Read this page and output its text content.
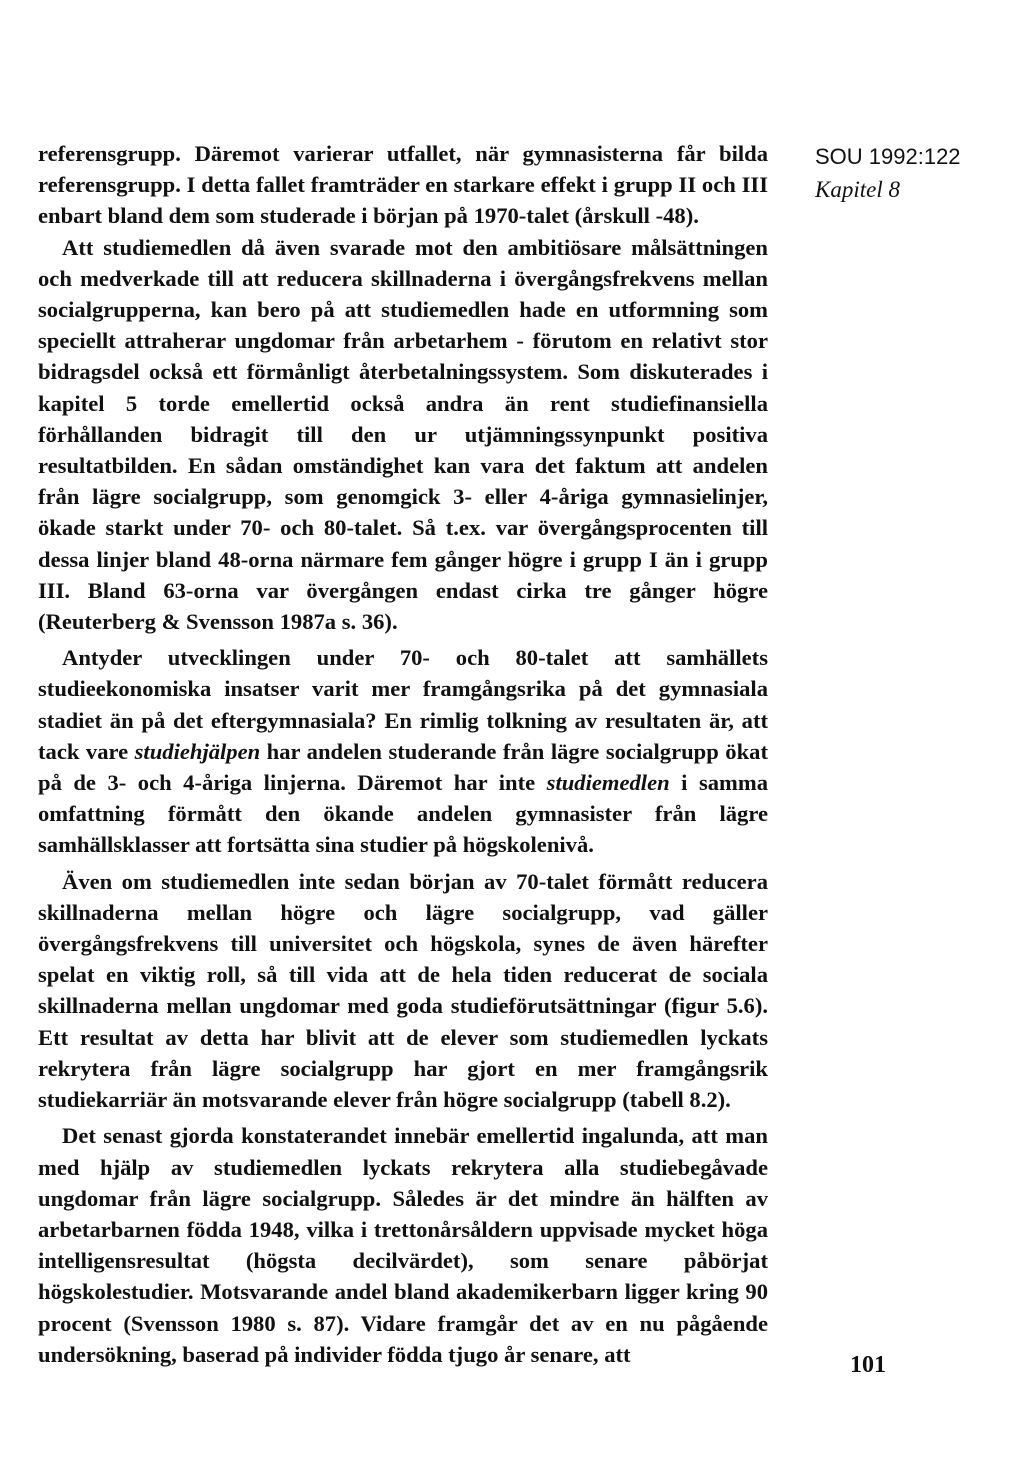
referensgrupp. Däremot varierar utfallet, när gymnasisterna får bilda referensgrupp. I detta fallet framträder en starkare effekt i grupp II och III enbart bland dem som studerade i början på 1970-talet (årskull -48).

Att studiemedlen då även svarade mot den ambitiösare målsättningen och medverkade till att reducera skillnaderna i övergångsfrekvens mellan socialgrupperna, kan bero på att studiemedlen hade en utformning som speciellt attraherar ungdomar från arbetarhem - förutom en relativt stor bidragsdel också ett förmånligt återbetalningssystem. Som diskuterades i kapitel 5 torde emellertid också andra än rent studiefinansiella förhållanden bidragit till den ur utjämningssynpunkt positiva resultatbilden. En sådan omständighet kan vara det faktum att andelen från lägre socialgrupp, som genomgick 3- eller 4-åriga gymnasielinjer, ökade starkt under 70- och 80-talet. Så t.ex. var övergångsprocenten till dessa linjer bland 48-orna närmare fem gånger högre i grupp I än i grupp III. Bland 63-orna var övergången endast cirka tre gånger högre (Reuterberg & Svensson 1987a s. 36).

Antyder utvecklingen under 70- och 80-talet att samhällets studieekonomiska insatser varit mer framgångsrika på det gymnasiala stadiet än på det eftergymnasiala? En rimlig tolkning av resultaten är, att tack vare studiehjälpen har andelen studerande från lägre socialgrupp ökat på de 3- och 4-åriga linjerna. Däremot har inte studiemedlen i samma omfattning förmått den ökande andelen gymnasister från lägre samhällsklasser att fortsätta sina studier på högskolenivå.

Även om studiemedlen inte sedan början av 70-talet förmått reducera skillnaderna mellan högre och lägre socialgrupp, vad gäller övergångsfrekvens till universitet och högskola, synes de även härefter spelat en viktig roll, så till vida att de hela tiden reducerat de sociala skillnaderna mellan ungdomar med goda studieförutsättningar (figur 5.6). Ett resultat av detta har blivit att de elever som studiemedlen lyckats rekrytera från lägre socialgrupp har gjort en mer framgångsrik studiekarriär än motsvarande elever från högre socialgrupp (tabell 8.2).

Det senast gjorda konstaterandet innebär emellertid ingalunda, att man med hjälp av studiemedlen lyckats rekrytera alla studiebegåvade ungdomar från lägre socialgrupp. Således är det mindre än hälften av arbetarbarnen födda 1948, vilka i trettonårsåldern uppvisade mycket höga intelligensresultat (högsta decilvärdet), som senare påbörjat högskolestudier. Motsvarande andel bland akademikerbarn ligger kring 90 procent (Svensson 1980 s. 87). Vidare framgår det av en nu pågående undersökning, baserad på individer födda tjugo år senare, att

SOU 1992:122
Kapitel 8
101
